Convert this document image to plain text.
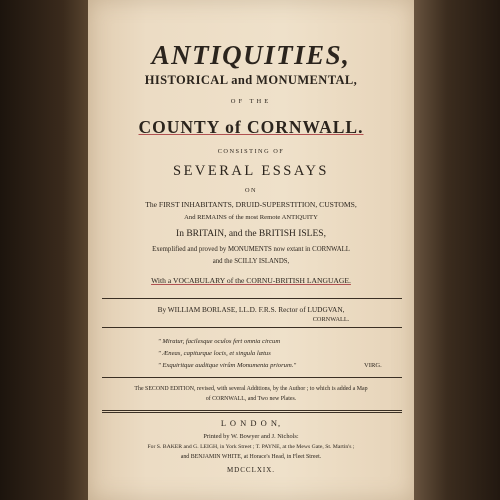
ANTIQUITIES,
HISTORICAL and MONUMENTAL,
OF THE
COUNTY of CORNWALL.
CONSISTING OF
SEVERAL ESSAYS
ON
The FIRST INHABITANTS, DRUID-SUPERSTITION, CUSTOMS,
And REMAINS of the most Remote ANTIQUITY
In BRITAIN, and the BRITISH ISLES,
Exemplified and proved by MONUMENTS now extant in CORNWALL
and the SCILLY ISLANDS,
With a VOCABULARY of the CORNU-BRITISH LANGUAGE.
By WILLIAM BORLASE, LL.D. F.R.S. Rector of LUDGVAN,
CORNWALL.
" Miratur, facilesque oculos fert omnia circum
" Æneas, capiturque locis, et singula lætus
" Exquiritque auditque virûm Monumenta priorum."	VIRG.
The SECOND EDITION, revised, with several Additions, by the Author ; to which is added a Map
of CORNWALL, and Two new Plates.
L O N D O N,
Printed by W. Bowyer and J. Nichols:
For S. BAKER and G. LEIGH, in York Street ; T. PAYNE, at the Mews Gate, St. Martin's ;
and BENJAMIN WHITE, at Horace's Head, in Fleet Street.
MDCCLXIX.
